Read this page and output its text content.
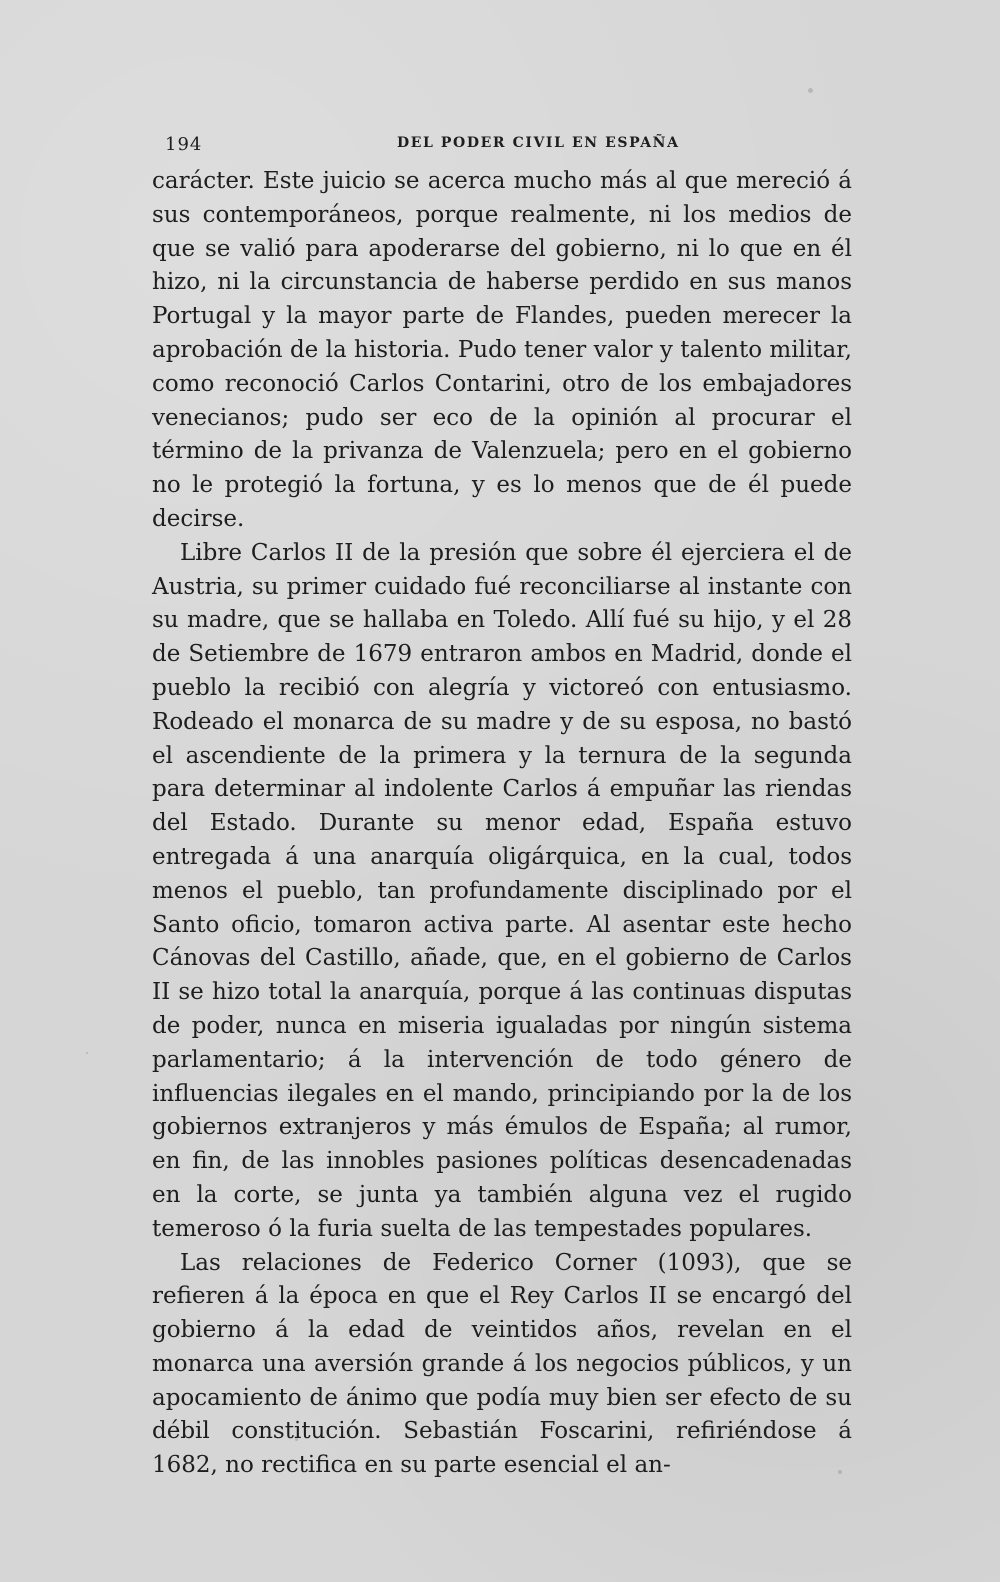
194	DEL PODER CIVIL EN ESPAÑA

carácter. Este juicio se acerca mucho más al que mereció á sus contemporáneos, porque realmente, ni los medios de que se valió para apoderarse del gobierno, ni lo que en él hizo, ni la circunstancia de haberse perdido en sus manos Portugal y la mayor parte de Flandes, pueden merecer la aprobación de la historia. Pudo tener valor y talento militar, como reconoció Carlos Contarini, otro de los embajadores venecianos; pudo ser eco de la opinión al procurar el término de la privanza de Valenzuela; pero en el gobierno no le protegió la fortuna, y es lo menos que de él puede decirse.

Libre Carlos II de la presión que sobre él ejerciera el de Austria, su primer cuidado fué reconciliarse al instante con su madre, que se hallaba en Toledo. Allí fué su hijo, y el 28 de Setiembre de 1679 entraron ambos en Madrid, donde el pueblo la recibió con alegría y victoreó con entusiasmo. Rodeado el monarca de su madre y de su esposa, no bastó el ascendiente de la primera y la ternura de la segunda para determinar al indolente Carlos á empuñar las riendas del Estado. Durante su menor edad, España estuvo entregada á una anarquía oligárquica, en la cual, todos menos el pueblo, tan profundamente disciplinado por el Santo oficio, tomaron activa parte. Al asentar este hecho Cánovas del Castillo, añade, que, en el gobierno de Carlos II se hizo total la anarquía, porque á las continuas disputas de poder, nunca en miseria igualadas por ningún sistema parlamentario; á la intervención de todo género de influencias ilegales en el mando, principiando por la de los gobiernos extranjeros y más émulos de España; al rumor, en fin, de las innobles pasiones políticas desencadenadas en la corte, se junta ya también alguna vez el rugido temeroso ó la furia suelta de las tempestades populares.

Las relaciones de Federico Corner (1093), que se refieren á la época en que el Rey Carlos II se encargó del gobierno á la edad de veintidos años, revelan en el monarca una aversión grande á los negocios públicos, y un apocamiento de ánimo que podía muy bien ser efecto de su débil constitución. Sebastián Foscarini, refiriéndose á 1682, no rectifica en su parte esencial el an-
